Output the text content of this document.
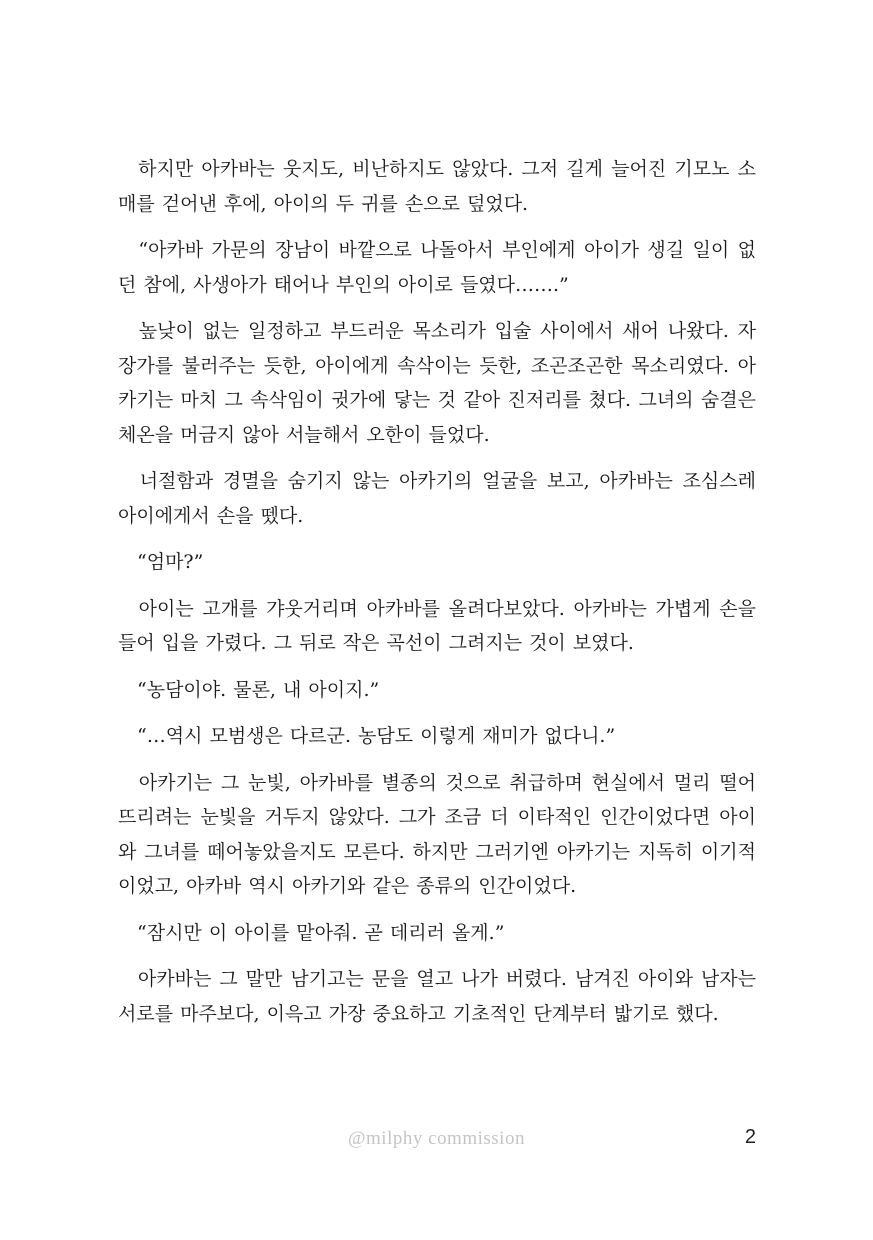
　하지만 아카바는 웃지도, 비난하지도 않았다. 그저 길게 늘어진 기모노 소매를 걷어낸 후에, 아이의 두 귀를 손으로 덮었다.

　“아카바 가문의 장남이 바깥으로 나돌아서 부인에게 아이가 생길 일이 없던 참에, 사생아가 태어나 부인의 아이로 들였다…….”

　높낮이 없는 일정하고 부드러운 목소리가 입술 사이에서 새어 나왔다. 자장가를 불러주는 듯한, 아이에게 속삭이는 듯한, 조곤조곤한 목소리였다. 아카기는 마치 그 속삭임이 귓가에 닿는 것 같아 진저리를 쳤다. 그녀의 숨결은 체온을 머금지 않아 서늘해서 오한이 들었다.

　너절함과 경멸을 숨기지 않는 아카기의 얼굴을 보고, 아카바는 조심스레 아이에게서 손을 뗐다.

　“엄마?”

　아이는 고개를 갸웃거리며 아카바를 올려다보았다. 아카바는 가볍게 손을 들어 입을 가렸다. 그 뒤로 작은 곡선이 그려지는 것이 보였다.

　“농담이야. 물론, 내 아이지.”

　“…역시 모범생은 다르군. 농담도 이렇게 재미가 없다니.”

　아카기는 그 눈빛, 아카바를 별종의 것으로 취급하며 현실에서 멀리 떨어뜨리려는 눈빛을 거두지 않았다. 그가 조금 더 이타적인 인간이었다면 아이와 그녀를 떼어놓았을지도 모른다. 하지만 그러기엔 아카기는 지독히 이기적이었고, 아카바 역시 아카기와 같은 종류의 인간이었다.

　“잠시만 이 아이를 맡아줘. 곧 데리러 올게.”

　아카바는 그 말만 남기고는 문을 열고 나가 버렸다. 남겨진 아이와 남자는 서로를 마주보다, 이윽고 가장 중요하고 기초적인 단계부터 밟기로 했다.

@milphy commission	2
